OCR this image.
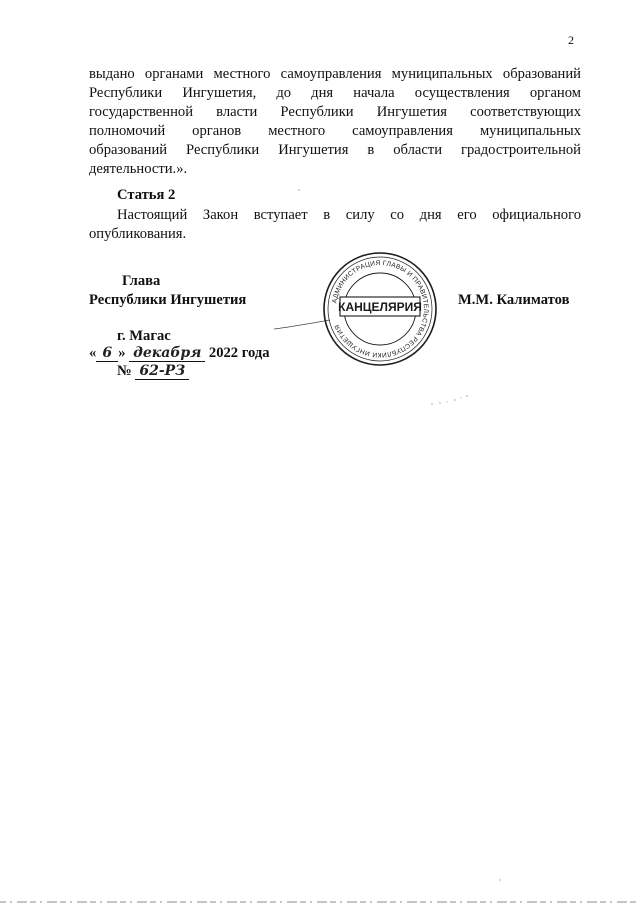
2
выдано органами местного самоуправления муниципальных образований
Республики Ингушетия, до дня начала осуществления органом
государственной власти Республики Ингушетия соответствующих
полномочий органов местного самоуправления муниципальных
образований Республики Ингушетия в области градостроительной
деятельности.».
Статья 2
Настоящий Закон вступает в силу со дня его официального
опубликования.
Глава
Республики Ингушетия	М.М. Калиматов
г. Магас
« 6 » декабря 2022 года
№ 62-РЗ
АДМИНИСТРАЦИЯ ГЛАВЫ И ПРАВИТЕЛЬСТВА РЕСПУБЛИКИ ИНГУШЕТИЯ
КАНЦЕЛЯРИЯ
